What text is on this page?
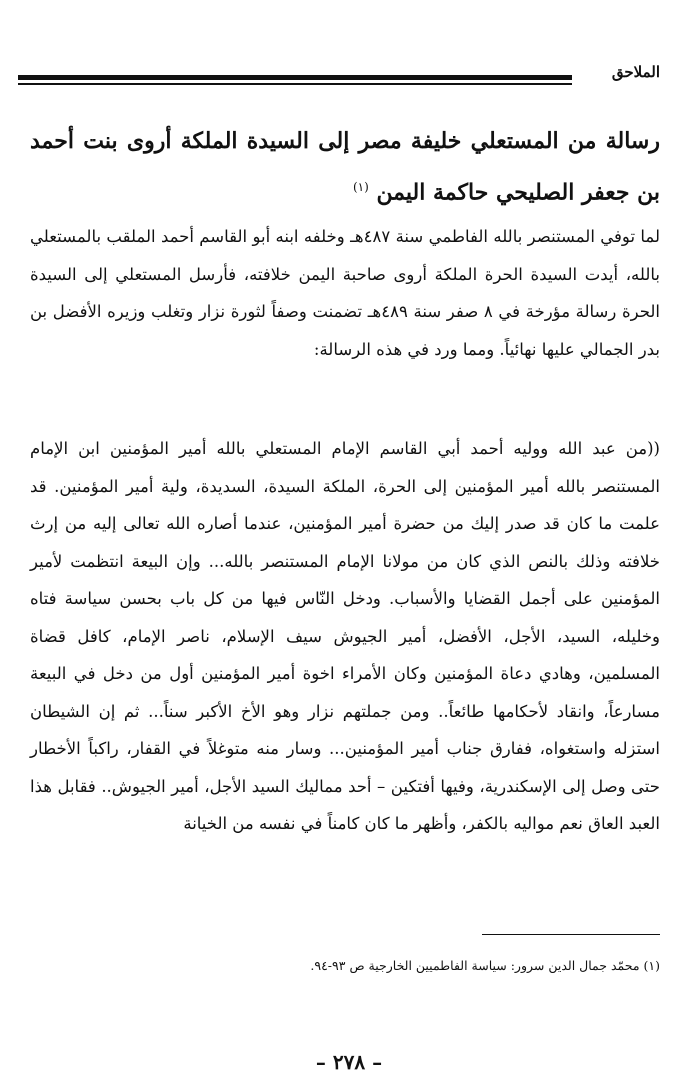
الملاحق
رسالة من المستعلي خليفة مصر إلى السيدة الملكة أروى بنت أحمد بن جعفر الصليحي حاكمة اليمن $^{(١)}$
لما توفي المستنصر بالله الفاطمي سنة ٤٨٧هـ وخلفه ابنه أبو القاسم أحمد الملقب بالمستعلي بالله، أيدت السيدة الحرة الملكة أروى صاحبة اليمن خلافته، فأرسل المستعلي إلى السيدة الحرة رسالة مؤرخة في ٨ صفر سنة ٤٨٩هـ تضمنت وصفاً لثورة نزار وتغلب وزيره الأفضل بن بدر الجمالي عليها نهائياً. ومما ورد في هذه الرسالة:
((من عبد الله ووليه أحمد أبي القاسم الإمام المستعلي بالله أمير المؤمنين ابن الإمام المستنصر بالله أمير المؤمنين إلى الحرة، الملكة السيدة، السديدة، ولية أمير المؤمنين. قد علمت ما كان قد صدر إليك من حضرة أمير المؤمنين، عندما أصاره الله تعالى إليه من إرث خلافته وذلك بالنص الذي كان من مولانا الإمام المستنصر بالله... وإن البيعة انتظمت لأمير المؤمنين على أجمل القضايا والأسباب. ودخل النّاس فيها من كل باب بحسن سياسة فتاه وخليله، السيد، الأجل، الأفضل، أمير الجيوش سيف الإسلام، ناصر الإمام، كافل قضاة المسلمين، وهادي دعاة المؤمنين وكان الأمراء اخوة أمير المؤمنين أول من دخل في البيعة مسارعاً، وانقاد لأحكامها طائعاً.. ومن جملتهم نزار وهو الأخ الأكبر سناً... ثم إن الشيطان استزله واستغواه، ففارق جناب أمير المؤمنين... وسار منه متوغلاً في القفار، راكباً الأخطار حتى وصل إلى الإسكندرية، وفيها أفتكين – أحد مماليك السيد الأجل، أمير الجيوش.. فقابل هذا العبد العاق نعم مواليه بالكفر، وأظهر ما كان كامناً في نفسه من الخيانة
(١) محمّد جمال الدين سرور: سياسة الفاطميين الخارجية ص ٩٣-٩٤.
– ٢٧٨ –
